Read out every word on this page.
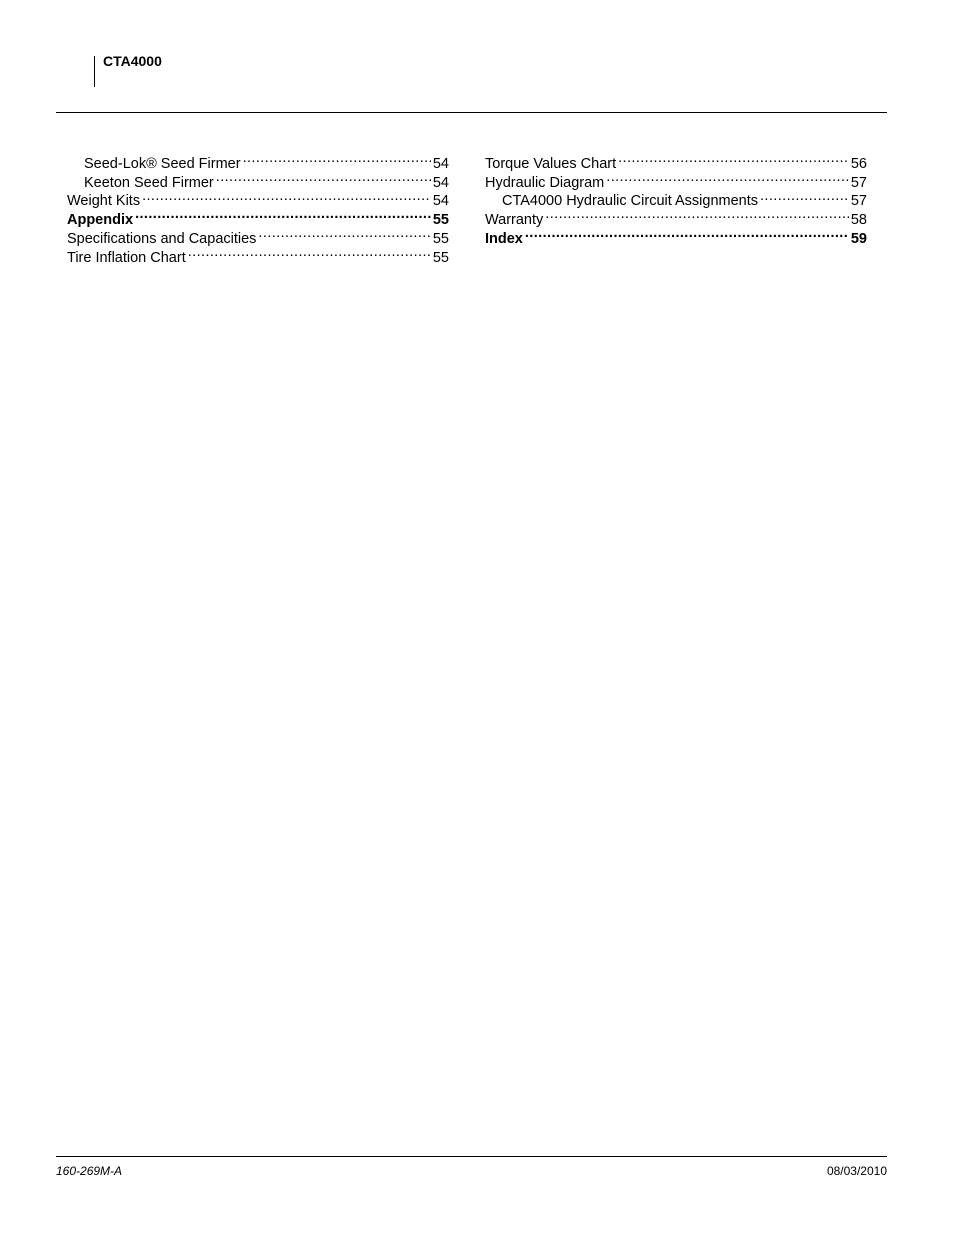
CTA4000
Seed-Lok® Seed Firmer .....	54
Keeton Seed Firmer .....	54
Weight Kits .....	54
Appendix .....	55
Specifications and Capacities .....	55
Tire Inflation Chart .....	55
Torque Values Chart .....	56
Hydraulic Diagram .....	57
CTA4000 Hydraulic Circuit Assignments .....	57
Warranty .....	58
Index .....	59
160-269M-A	08/03/2010
